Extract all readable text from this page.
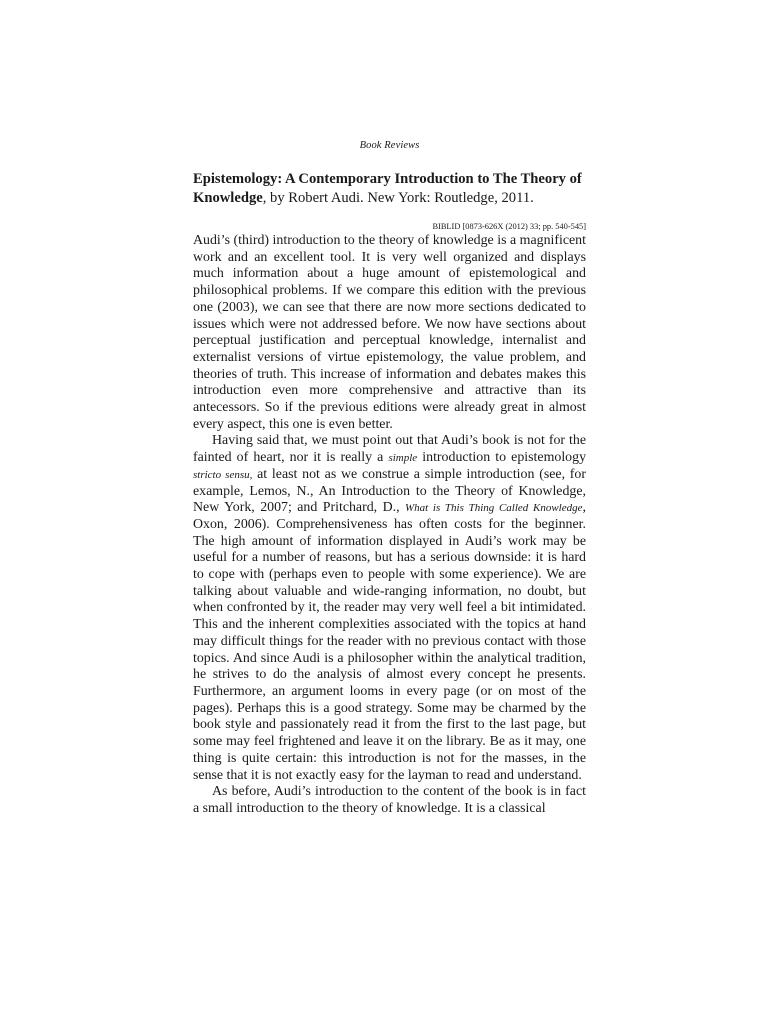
Book Reviews

Epistemology: A Contemporary Introduction to The Theory of Knowledge, by Robert Audi. New York: Routledge, 2011.

BIBLID [0873-626X (2012) 33; pp. 540-545]

Audi’s (third) introduction to the theory of knowledge is a magnificent work and an excellent tool. It is very well organized and displays much information about a huge amount of epistemological and philosophical problems. If we compare this edition with the previous one (2003), we can see that there are now more sections dedicated to issues which were not addressed before. We now have sections about perceptual justification and perceptual knowledge, internalist and externalist versions of virtue epistemology, the value problem, and theories of truth. This increase of information and debates makes this introduction even more comprehensive and attractive than its antecessors. So if the previous editions were already great in almost every aspect, this one is even better.

Having said that, we must point out that Audi’s book is not for the fainted of heart, nor it is really a simple introduction to epistemology stricto sensu, at least not as we construe a simple introduction (see, for example, Lemos, N., An Introduction to the Theory of Knowledge, New York, 2007; and Pritchard, D., What is This Thing Called Knowledge, Oxon, 2006). Comprehensiveness has often costs for the beginner. The high amount of information displayed in Audi’s work may be useful for a number of reasons, but has a serious downside: it is hard to cope with (perhaps even to people with some experience). We are talking about valuable and wide-ranging information, no doubt, but when confronted by it, the reader may very well feel a bit intimidated. This and the inherent complexities associated with the topics at hand may difficult things for the reader with no previous contact with those topics. And since Audi is a philosopher within the analytical tradition, he strives to do the analysis of almost every concept he presents. Furthermore, an argument looms in every page (or on most of the pages). Perhaps this is a good strategy. Some may be charmed by the book style and passionately read it from the first to the last page, but some may feel frightened and leave it on the library. Be as it may, one thing is quite certain: this introduction is not for the masses, in the sense that it is not exactly easy for the layman to read and understand.

As before, Audi’s introduction to the content of the book is in fact a small introduction to the theory of knowledge. It is a classical
